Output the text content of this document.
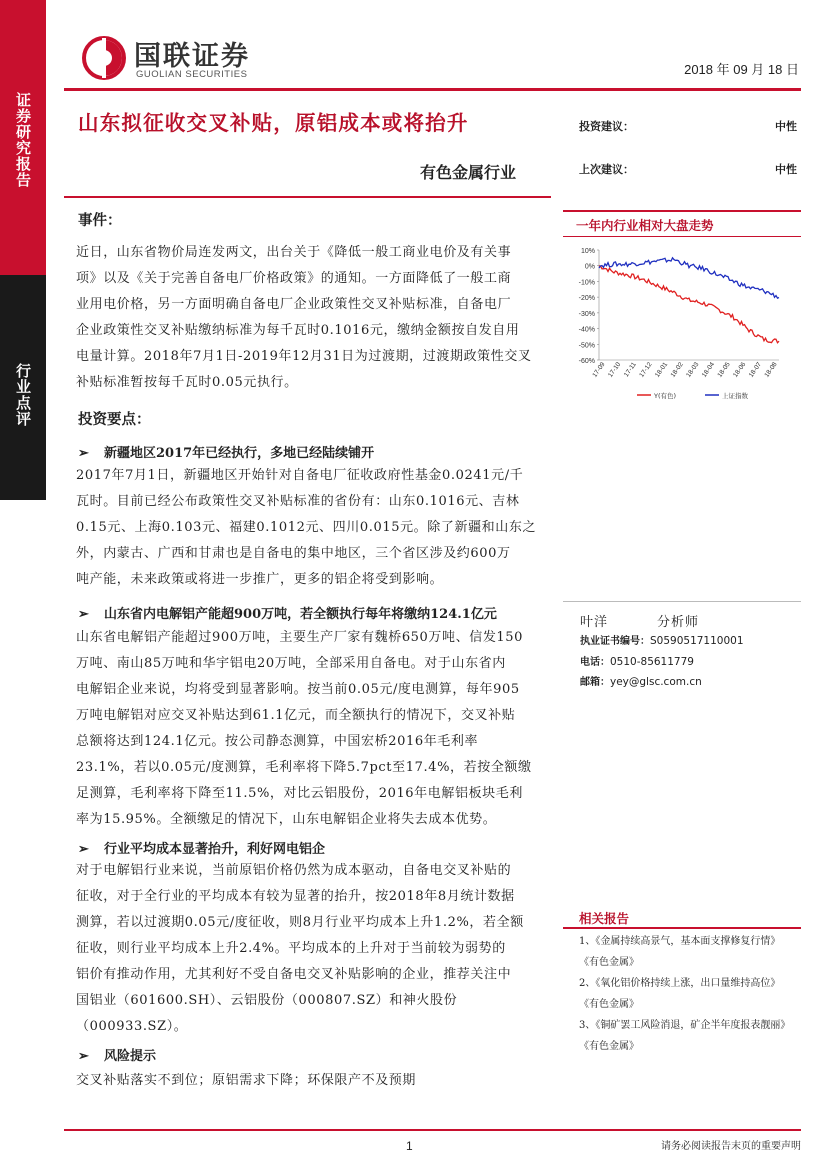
证券研究报告
行业点评
国联证券
GUOLIAN SECURITIES	2018 年 09 月 18 日
山东拟征收交叉补贴，原铝成本或将抬升
有色金属行业
投资建议：	中性
上次建议：	中性
事件：
近日，山东省物价局连发两文，出台关于《降低一般工商业电价及有关事
项》以及《关于完善自备电厂价格政策》的通知。一方面降低了一般工商
业用电价格，另一方面明确自备电厂企业政策性交叉补贴标准，自备电厂
企业政策性交叉补贴缴纳标准为每千瓦时0.1016元，缴纳金额按自发自用
电量计算。2018年7月1日-2019年12月31日为过渡期，过渡期政策性交叉
补贴标准暂按每千瓦时0.05元执行。
投资要点：
➢ 新疆地区2017年已经执行，多地已经陆续铺开
2017年7月1日，新疆地区开始针对自备电厂征收政府性基金0.0241元/千
瓦时。目前已经公布政策性交叉补贴标准的省份有：山东0.1016元、吉林
0.15元、上海0.103元、福建0.1012元、四川0.015元。除了新疆和山东之
外，内蒙古、广西和甘肃也是自备电的集中地区，三个省区涉及约600万
吨产能，未来政策或将进一步推广，更多的铝企将受到影响。
➢ 山东省内电解铝产能超900万吨，若全额执行每年将缴纳124.1亿元
山东省电解铝产能超过900万吨，主要生产厂家有魏桥650万吨、信发150
万吨、南山85万吨和华宇铝电20万吨，全部采用自备电。对于山东省内
电解铝企业来说，均将受到显著影响。按当前0.05元/度电测算，每年905
万吨电解铝对应交叉补贴达到61.1亿元，而全额执行的情况下，交叉补贴
总额将达到124.1亿元。按公司静态测算，中国宏桥2016年毛利率
23.1%，若以0.05元/度测算，毛利率将下降5.7pct至17.4%，若按全额缴
足测算，毛利率将下降至11.5%，对比云铝股份，2016年电解铝板块毛利
率为15.95%。全额缴足的情况下，山东电解铝企业将失去成本优势。
➢ 行业平均成本显著抬升，利好网电铝企
对于电解铝行业来说，当前原铝价格仍然为成本驱动，自备电交叉补贴的
征收，对于全行业的平均成本有较为显著的抬升，按2018年8月统计数据
测算，若以过渡期0.05元/度征收，则8月行业平均成本上升1.2%，若全额
征收，则行业平均成本上升2.4%。平均成本的上升对于当前较为弱势的
铝价有推动作用，尤其利好不受自备电交叉补贴影响的企业，推荐关注中
国铝业（601600.SH）、云铝股份（000807.SZ）和神火股份
（000933.SZ）。
➢ 风险提示
交叉补贴落实不到位；原铝需求下降；环保限产不及预期
一年内行业相对大盘走势
10%
0%
-10%
-20%
-30%
-40%
-50%
-60%
17-09 17-10 17-11 17-12 18-01 18-02 18-03 18-04 18-05 18-06 18-07 18-08
Y(有色)	上证指数
叶洋	分析师
执业证书编号：S0590517110001
电话：0510-85611779
邮箱：yey@glsc.com.cn
相关报告
1、《金属持续高景气，基本面支撑修复行情》
《有色金属》
2、《氧化铝价格持续上涨，出口量维持高位》
《有色金属》
3、《铜矿罢工风险消退，矿企半年度报表靓丽》
《有色金属》
1	请务必阅读报告末页的重要声明
